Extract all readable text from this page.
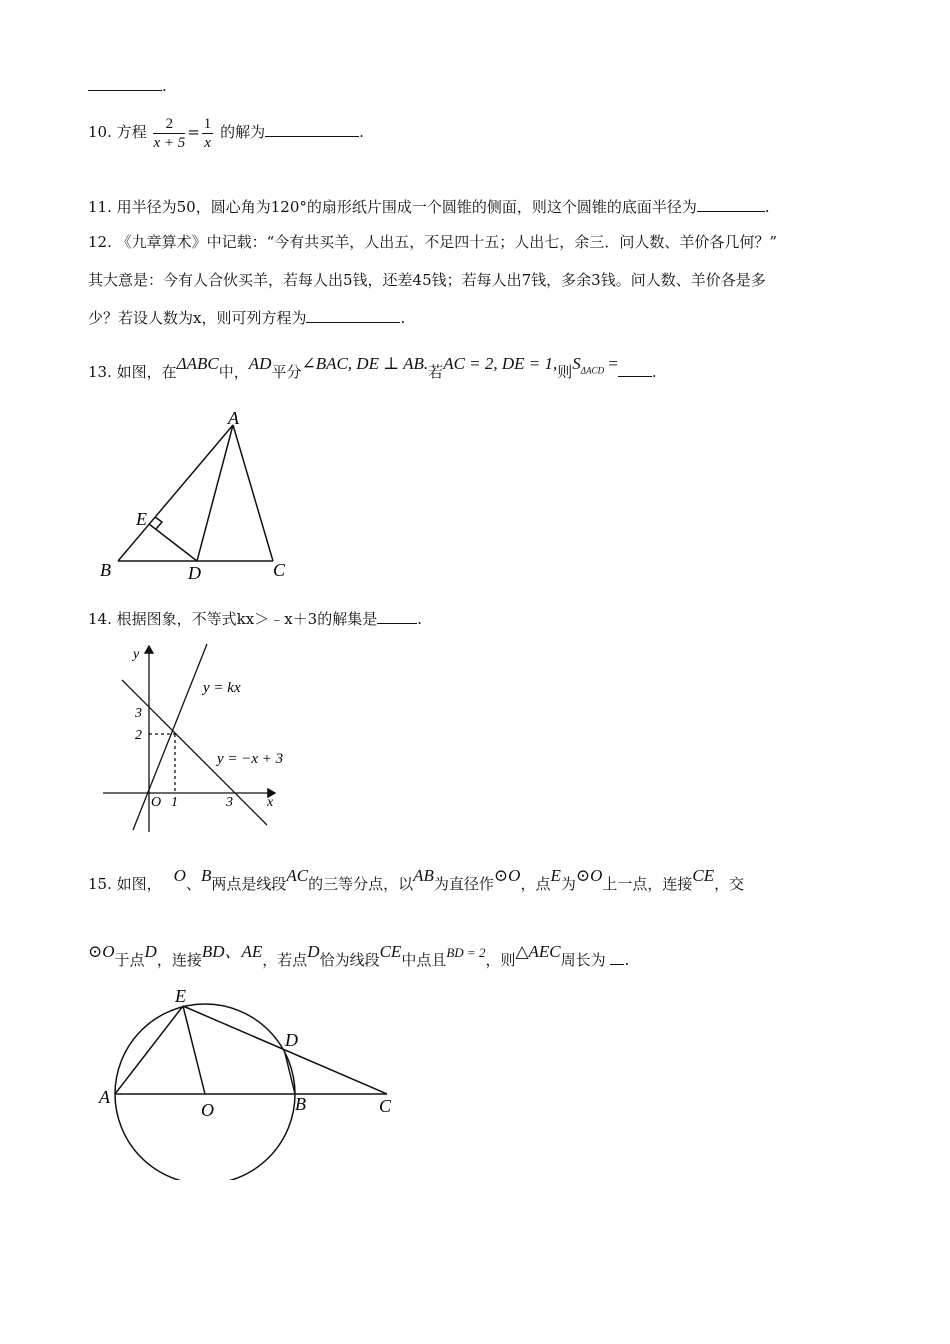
.
10. 方程 $\frac{2}{x + 5} = \frac{1}{x}$ 的解为	.
11. 用半径为50，圆心角为120°的扇形纸片围成一个圆锥的侧面，则这个圆锥的底面半径为	.
12. 《九章算术》中记载：“今有共买羊，人出五，不足四十五；人出七，余三．问人数、羊价各几何？”
其大意是：今有人合伙买羊，若每人出5钱，还差45钱；若每人出7钱，多余3钱。问人数、羊价各是多
少？若设人数为x，则可列方程为	.
13. 如图，在ΔABC中，AD平分∠BAC, DE ⊥ AB.若AC = 2, DE = 1,则$S_{\Delta ACD}$ = .
A
B	C
D
E
14. 根据图象，不等式kx＞﹣x＋3的解集是	.
y
x
O
y = kx
y = −x + 3
3
2
1	3
15. 如图， O、B两点是线段AC的三等分点，以AB为直径作⊙O，点E为⊙O上一点，连接CE，交
⊙O于点D，连接BD、AE，若点D恰为线段CE中点且BD = 2，则△AEC周长为 .
A
O	B	C
D
E
